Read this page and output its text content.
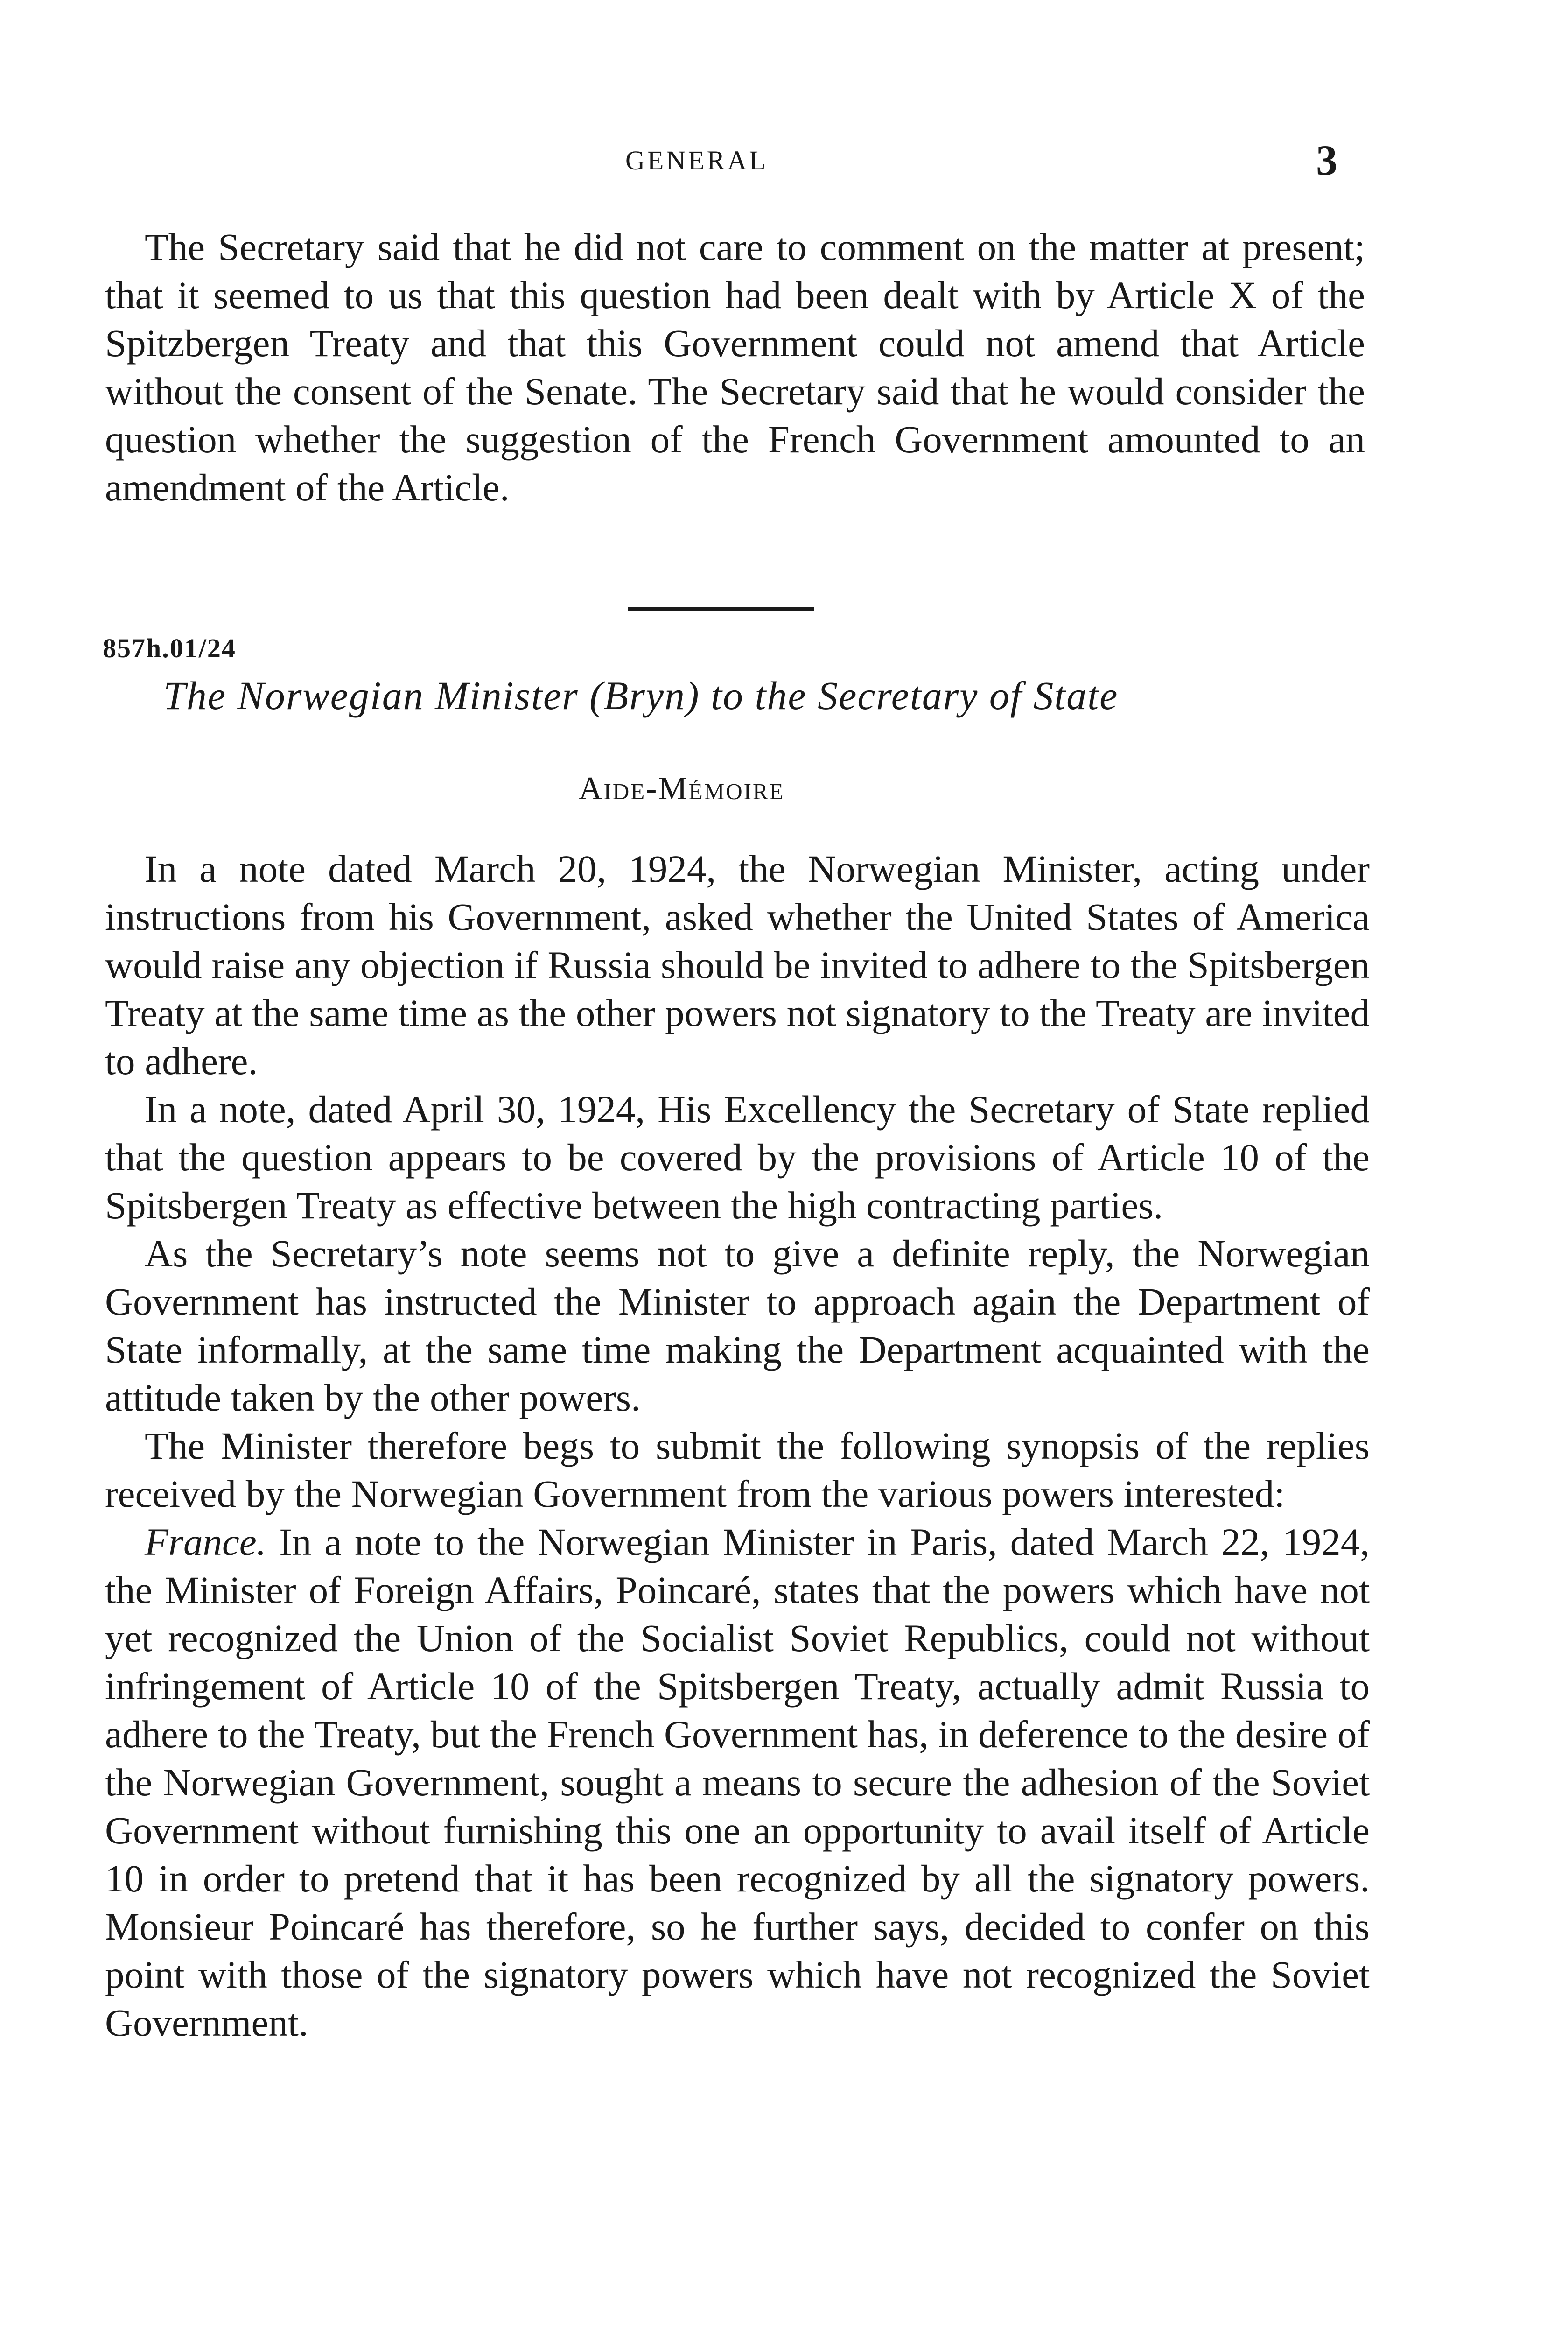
GENERAL	3

The Secretary said that he did not care to comment on the matter at present; that it seemed to us that this question had been dealt with by Article X of the Spitzbergen Treaty and that this Government could not amend that Article without the consent of the Senate. The Secretary said that he would consider the question whether the suggestion of the French Government amounted to an amendment of the Article.

857h.01/24
The Norwegian Minister (Bryn) to the Secretary of State
Aide-Mémoire

In a note dated March 20, 1924, the Norwegian Minister, acting under instructions from his Government, asked whether the United States of America would raise any objection if Russia should be invited to adhere to the Spitsbergen Treaty at the same time as the other powers not signatory to the Treaty are invited to adhere.

In a note, dated April 30, 1924, His Excellency the Secretary of State replied that the question appears to be covered by the provisions of Article 10 of the Spitsbergen Treaty as effective between the high contracting parties.

As the Secretary’s note seems not to give a definite reply, the Norwegian Government has instructed the Minister to approach again the Department of State informally, at the same time making the Department acquainted with the attitude taken by the other powers.

The Minister therefore begs to submit the following synopsis of the replies received by the Norwegian Government from the various powers interested:

France. In a note to the Norwegian Minister in Paris, dated March 22, 1924, the Minister of Foreign Affairs, Poincaré, states that the powers which have not yet recognized the Union of the Socialist Soviet Republics, could not without infringement of Article 10 of the Spitsbergen Treaty, actually admit Russia to adhere to the Treaty, but the French Government has, in deference to the desire of the Norwegian Government, sought a means to secure the adhesion of the Soviet Government without furnishing this one an opportunity to avail itself of Article 10 in order to pretend that it has been recognized by all the signatory powers. Monsieur Poincaré has therefore, so he further says, decided to confer on this point with those of the signatory powers which have not recognized the Soviet Government.
